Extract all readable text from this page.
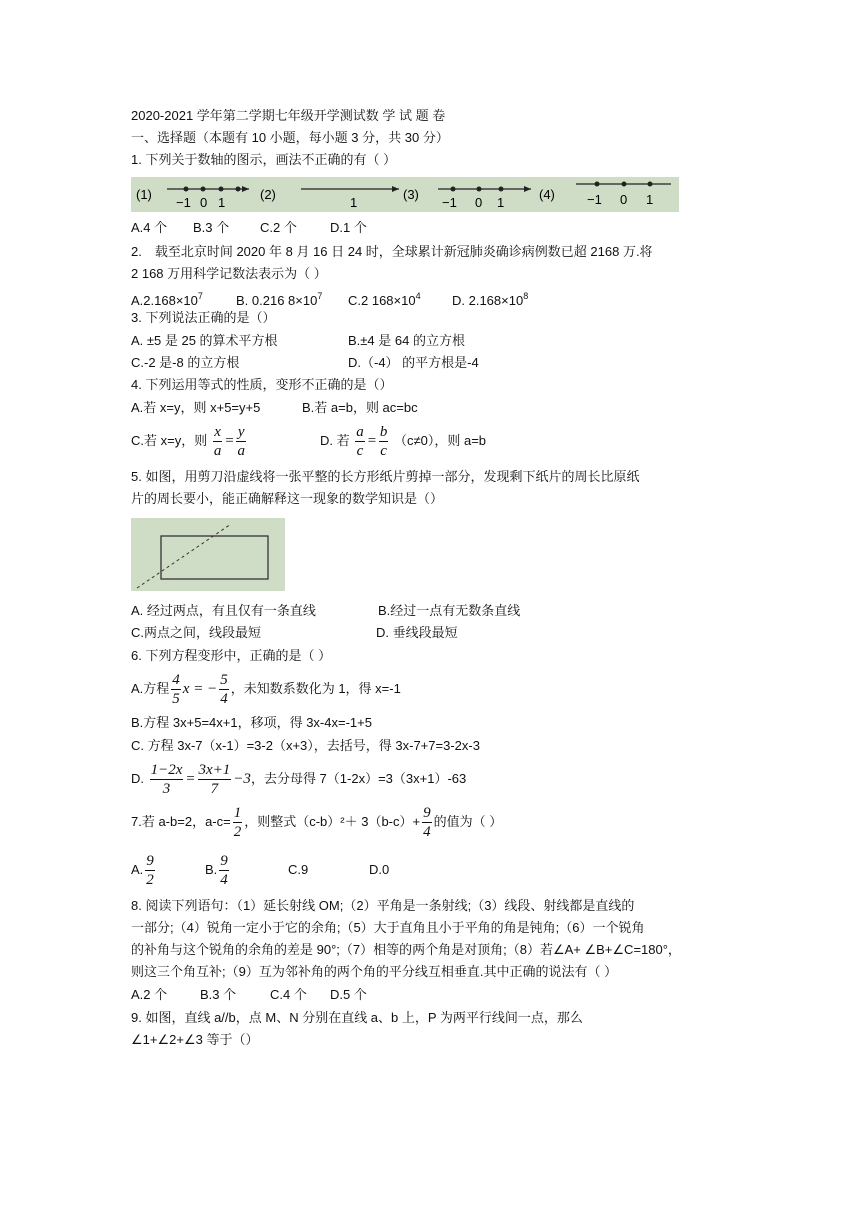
2020-2021 学年第二学期七年级开学测试数 学 试 题 卷
一、选择题（本题有 10 小题，每小题 3 分，共 30 分）
1. 下列关于数轴的图示，画法不正确的有（ ）
(1)
−1 0 1
(2)
1
(3)
−1 0 1
(4) −1 0 1
A.4 个 B.3 个 C.2 个	D.1 个
2.　载至北京时间 2020 年 8 月 16 日 24 时，全球累计新冠肺炎确诊病例数已超 2168 万.将
2 168 万用科学记数法表示为（ ）
$A.2.168\times 10^7$	B. 0.216 $8\times 10^7$ C.2 $168\times 10^4$ D. $2.168\times 10^8$
3. 下列说法正确的是（）
A. ±5 是 25 的算术平方根	B.±4 是 64 的立方根
C.-2 是-8 的立方根	D.（-4） 的平方根是-4
4. 下列运用等式的性质，变形不正确的是（）
A.若 x=y，则 x+5=y+5	B.若 a=b，则 ac=bc
C.若 x=y，则 $\frac{x}{a} = \frac{y}{a}$	D. 若 $\frac{a}{c} = \frac{b}{c} (c\ne 0)$，则 a=b
5. 如图，用剪刀沿虚线将一张平整的长方形纸片剪掉一部分，发现剩下纸片的周长比原纸
片的周长要小，能正确解释这一现象的数学知识是（）
A. 经过两点，有且仅有一条直线	B.经过一点有无数条直线
C.两点之间，线段最短	D. 垂线段最短
6. 下列方程变形中，正确的是（ ）
A.方程 $\frac{4}{5}$ x = − $\frac{5}{4}$ ，未知数系数化为 1，得 x=-1
B.方程 3x+5=4x+1，移项，得 3x-4x=-1+5
C. 方程 3x-7（x-1）=3-2（x+3），去括号，得 3x-7+7=3-2x-3
D. $\frac{1-2x}{3} = \frac{3x+1}{7} -3$，去分母得 7（1-2x）=3（3x+1）-63
7.若 a-b=2，$a-c= \frac{1}{2}$ ，则整式$(c-b)^2+ 3(b-c)+ \frac{9}{4}$ 的值为（ ）
A. $\frac{9}{2}$	B. $\frac{9}{4}$	C.9	D.0
8. 阅读下列语句：（1）延长射线 OM;（2）平角是一条射线;（3）线段、射线都是直线的
一部分;（4）锐角一定小于它的余角;（5）大于直角且小于平角的角是钝角;（6）一个锐角
的补角与这个锐角的余角的差是 90°;（7）相等的两个角是对顶角;（8）若∠A+ ∠B+∠C=180°，
则这三个角互补;（9）互为邻补角的两个角的平分线互相垂直.其中正确的说法有（ ）
A.2 个	B.3 个	C.4 个 D.5 个
9. 如图，直线 a//b，点 M、N 分别在直线 a、b 上，P 为两平行线间一点，那么
∠1+∠2+∠3 等于（）
